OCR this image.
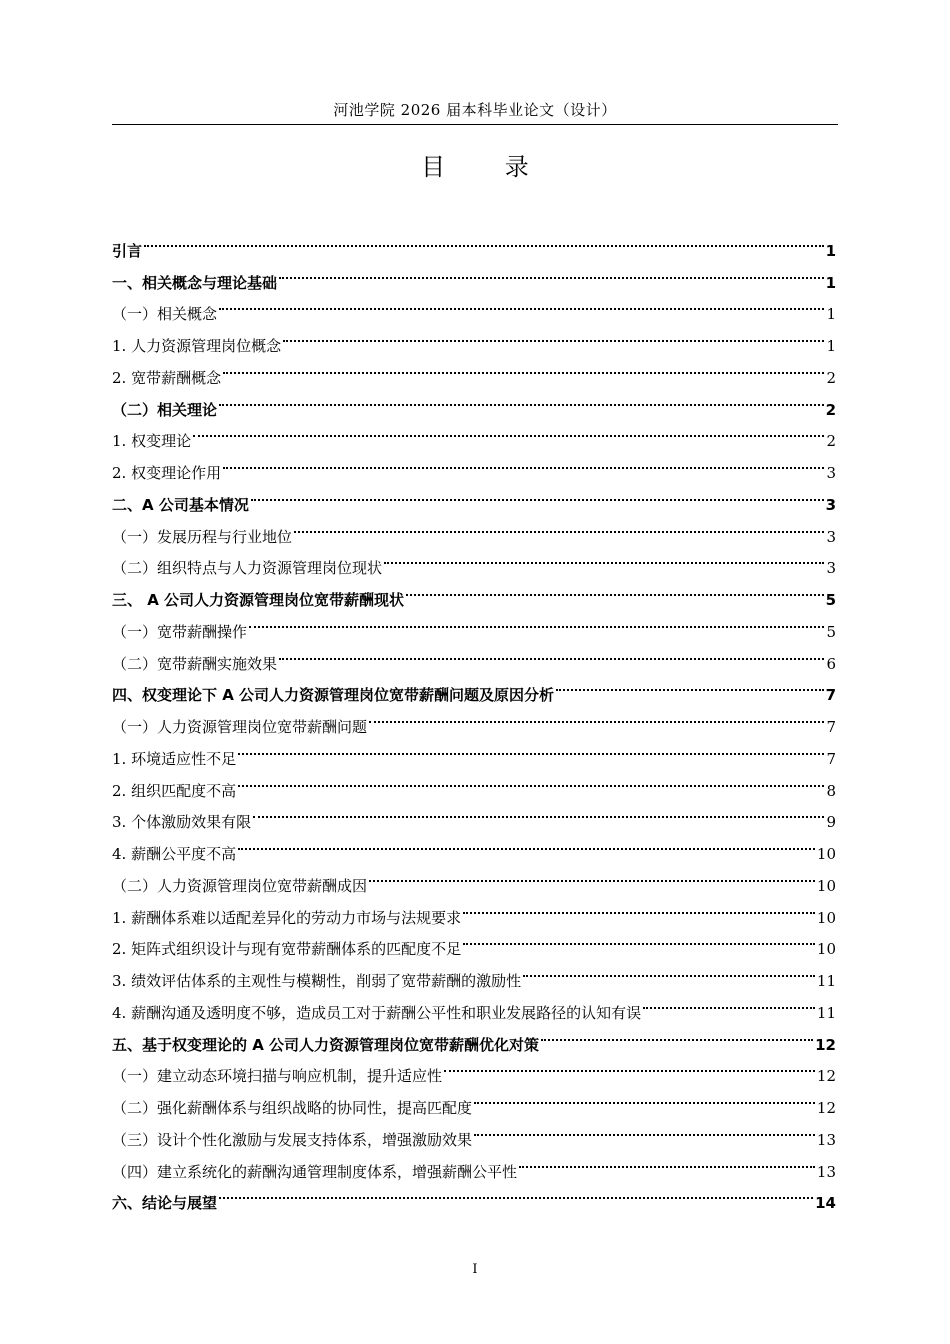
河池学院 2026 届本科毕业论文（设计）
目 录
引言	1
一、相关概念与理论基础	1
（一）相关概念	1
1. 人力资源管理岗位概念	1
2. 宽带薪酬概念	2
（二）相关理论	2
1. 权变理论	2
2. 权变理论作用	3
二、A 公司基本情况	3
（一）发展历程与行业地位	3
（二）组织特点与人力资源管理岗位现状	3
三、 A 公司人力资源管理岗位宽带薪酬现状	5
（一）宽带薪酬操作	5
（二）宽带薪酬实施效果	6
四、权变理论下 A 公司人力资源管理岗位宽带薪酬问题及原因分析	7
（一）人力资源管理岗位宽带薪酬问题	7
1. 环境适应性不足	7
2. 组织匹配度不高	8
3. 个体激励效果有限	9
4. 薪酬公平度不高	10
（二）人力资源管理岗位宽带薪酬成因	10
1. 薪酬体系难以适配差异化的劳动力市场与法规要求	10
2. 矩阵式组织设计与现有宽带薪酬体系的匹配度不足	10
3. 绩效评估体系的主观性与模糊性，削弱了宽带薪酬的激励性	11
4. 薪酬沟通及透明度不够，造成员工对于薪酬公平性和职业发展路径的认知有误	11
五、基于权变理论的 A 公司人力资源管理岗位宽带薪酬优化对策	12
（一）建立动态环境扫描与响应机制，提升适应性	12
（二）强化薪酬体系与组织战略的协同性，提高匹配度	12
（三）设计个性化激励与发展支持体系，增强激励效果	13
（四）建立系统化的薪酬沟通管理制度体系，增强薪酬公平性	13
六、结论与展望	14
I
